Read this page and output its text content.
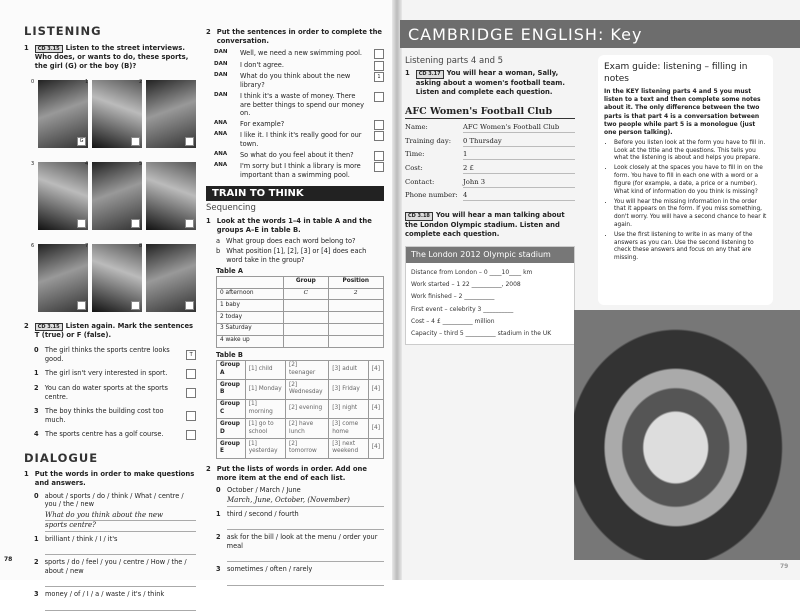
LISTENING
1	CD 3.15 Listen to the street interviews. Who does, or wants to do, these sports, the girl (G) or the boy (B)?
0
G
1	2
3	4	5
6	7	8
2	CD 3.15 Listen again. Mark the sentences T (true) or F (false).
0 The girl thinks the sports centre looks good.	T
1 The girl isn't very interested in sport.
2 You can do water sports at the sports centre.
3 The boy thinks the building cost too much.
4 The sports centre has a golf course.
DIALOGUE
1 Put the words in order to make questions and answers.
0 about / sports / do / think / What / centre / you / the / new
What do you think about the new
sports centre?
1 brilliant / think / I / it's
2 sports / do / feel / you / centre / How / the / about / new
3 money / of / I / a / waste / it's / think
78
2 Put the sentences in order to complete the conversation.
DAN	Well, we need a new swimming pool.
DAN	I don't agree.
DAN	What do you think about the new library?
1
DAN	I think it's a waste of money. There are better things to spend our money on.
ANA	For example?
ANA	I like it. I think it's really good for our town.
ANA	So what do you feel about it then?
ANA	I'm sorry but I think a library is more important than a swimming pool.
TRAIN TO THINK
Sequencing
1 Look at the words 1–4 in table A and the groups A–E in table B.
a What group does each word belong to?
b What position [1], [2], [3] or [4] does each word take in the group?
Table A
	Group	Position
0 afternoon	C	2
1 baby		
2 today		
3 Saturday		
4 wake up		
Table B
Group A	[1] child	[2] teenager	[3] adult	[4]
Group B	[1] Monday	[2] Wednesday	[3] Friday	[4]
Group C	[1] morning	[2] evening	[3] night	[4]
Group D	[1] go to school	[2] have lunch	[3] come home	[4]
Group E	[1] yesterday	[2] tomorrow	[3] next weekend	[4]
2 Put the lists of words in order. Add one more item at the end of each list.
0 October / March / June
March, June, October, (November)
1 third / second / fourth
2 ask for the bill / look at the menu / order your meal
3 sometimes / often / rarely
CAMBRIDGE ENGLISH: Key
Listening parts 4 and 5
1	CD 3.17 You will hear a woman, Sally, asking about a women's football team. Listen and complete each question.
AFC Women's Football Club
Name:	AFC Women's Football Club
Training day:	0 Thursday
Time:	1
Cost:	2 £
Contact:	John 3
Phone number: 4
CD 3.18 You will hear a man talking about the London Olympic stadium. Listen and complete each question.
The London 2012 Olympic stadium
Distance from London – 0 ____10____ km
Work started – 1 22 __________, 2008
Work finished – 2 __________
First event – celebrity 3 __________
Cost – 4 £ __________ million
Capacity – third 5 __________ stadium in the UK
Exam guide: listening – filling in notes

In the KEY listening parts 4 and 5 you must listen to a text and then complete some notes about it. The only difference between the two parts is that part 4 is a conversation between two people while part 5 is a monologue (just one person talking).

• Before you listen look at the form you have to fill in. Look at the title and the questions. This tells you what the listening is about and helps you prepare.
• Look closely at the spaces you have to fill in on the form. You have to fill in each one with a word or a figure (for example, a date, a price or a number). What kind of information do you think is missing?
• You will hear the missing information in the order that it appears on the form. If you miss something, don't worry. You will have a second chance to hear it again.
• Use the first listening to write in as many of the answers as you can. Use the second listening to check these answers and focus on any that are missing.
79
